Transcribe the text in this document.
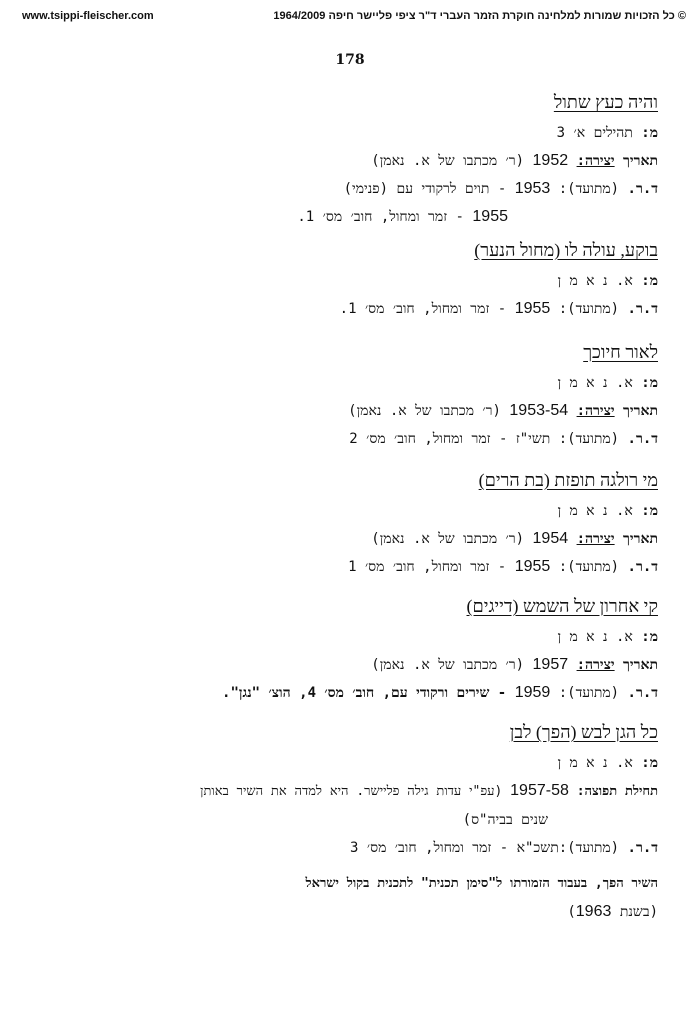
www.tsippi-fleischer.com	© כל הזכויות שמורות למלחינה חוקרת הזמר העברי ד"ר ציפי פליישר חיפה 1964/2009
178
והיה כעץ שתול
מ: תהילים א׳ 3
תאריך יצירה: 1952 (ר׳ מכתבו של א. נאמן)
ד.ר. (מתועד): 1953 - תוים לרקודי עם (פנימי)
1955 - זמר ומחול, חוב׳ מס׳ 1.
בוקע, עולה לו (מחול הנער)
מ: א. נ א מ ן
ד.ר. (מתועד): 1955 - זמר ומחול, חוב׳ מס׳ 1.
לאור חיוכך
מ: א. נ א מ ן
תאריך יצירה: 1953-54 (ר׳ מכתבו של א. נאמן)
ד.ר. (מתועד): תשי"ז - זמר ומחול, חוב׳ מס׳ 2
מי רולגה תופזת (בת הרים)
מ: א. נ א מ ן
תאריך יצירה: 1954 (ר׳ מכתבו של א. נאמן)
ד.ר. (מתועד): 1955 - זמר ומחול, חוב׳ מס׳ 1
קי אחרון של השמש (דייגים)
מ: א. נ א מ ן
תאריך יצירה: 1957 (ר׳ מכתבו של א. נאמן)
ד.ר. (מתועד): 1959 - שירים ורקודי עם, חוב׳ מס׳ 4, הוצ׳ "נגן".
כל הגן לבש (הפך) לבן
מ: א. נ א מ ן
תחילת תפוצה: 1957-58 (עפ"י עדות גילה פליישר. היא למדה את השיר באותן
שנים בביה"ס)
ד.ר. (מתועד):תשכ"א - זמר ומחול, חוב׳ מס׳ 3
השיר הפך, בעבוד הזמורתו ל"סימן תכנית" לתכנית בקול ישראל
(בשנת 1963)
